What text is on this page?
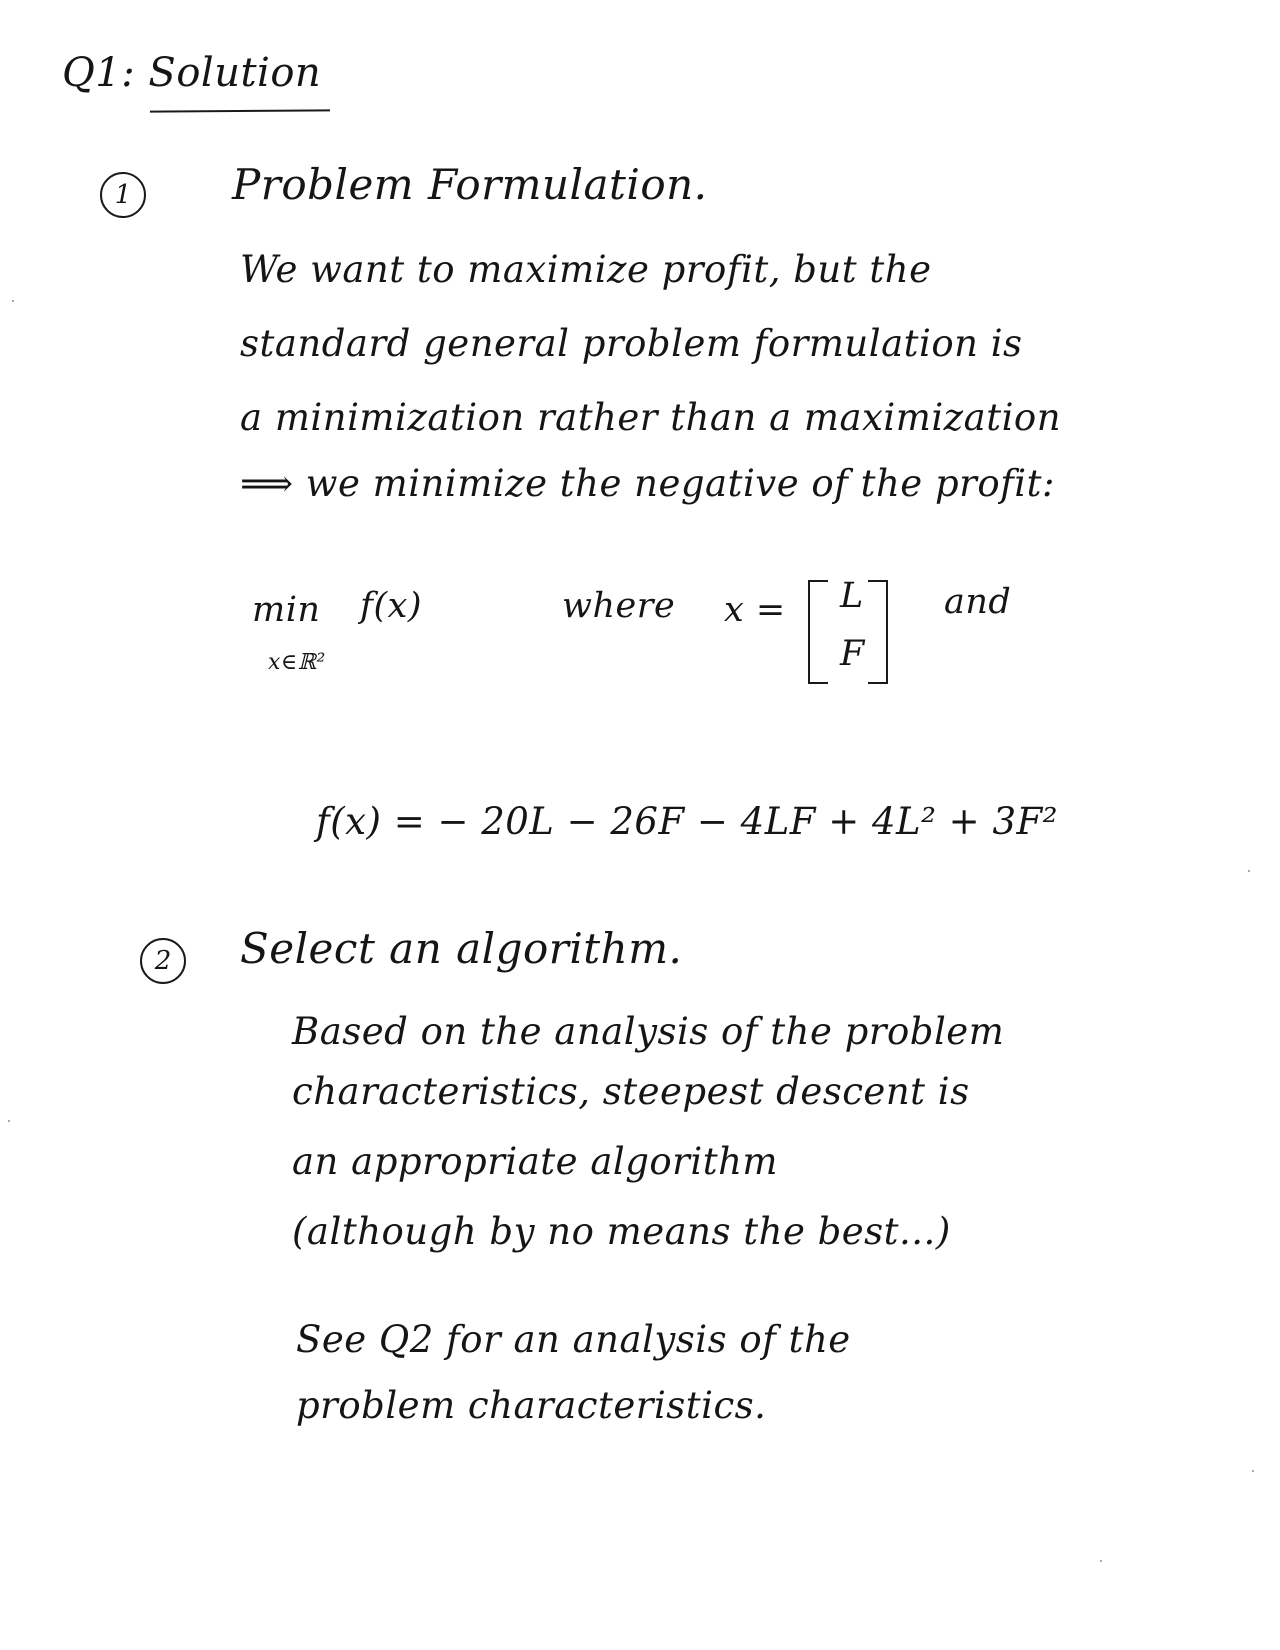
Q1: Solution
1	Problem Formulation.
We want to maximize profit, but the
standard general problem formulation is
a minimization rather than a maximization
⟹ we minimize the negative of the profit:
min
x∈ℝ²
f(x)	where x = L
F
and
f(x) = − 20L − 26F − 4LF + 4L² + 3F²
2	Select an algorithm.
Based on the analysis of the problem
characteristics, steepest descent is
an appropriate algorithm
(although by no means the best...)
See Q2 for an analysis of the
problem characteristics.
